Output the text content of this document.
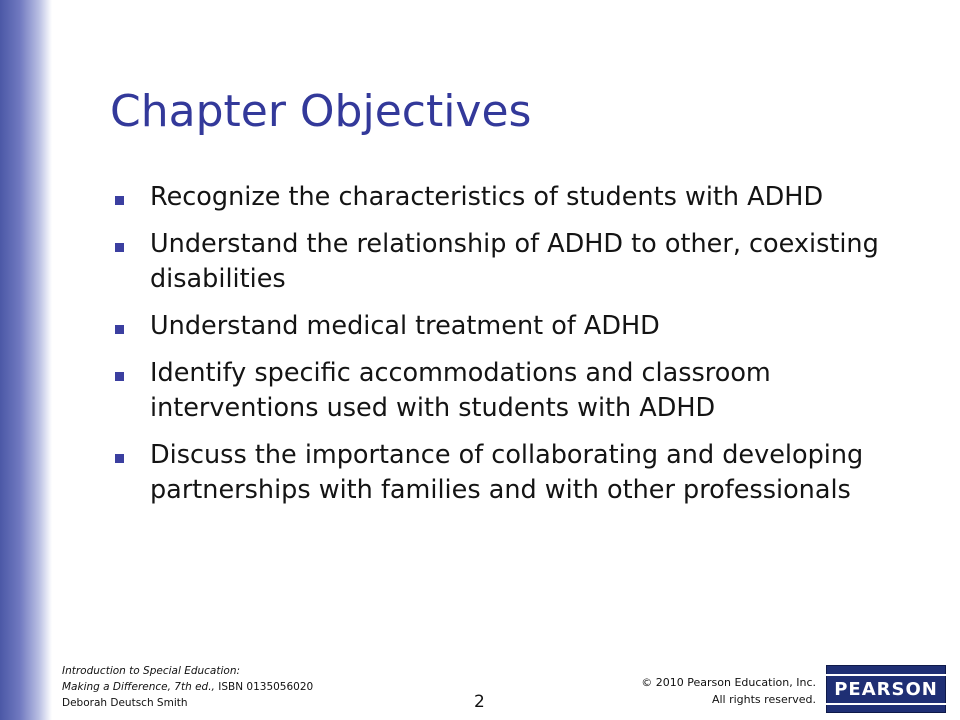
Chapter Objectives
Recognize the characteristics of students with ADHD
Understand the relationship of ADHD to other, coexisting disabilities
Understand medical treatment of ADHD
Identify specific accommodations and classroom interventions used with students with ADHD
Discuss the importance of collaborating and developing partnerships with families and with other professionals
Introduction to Special Education:
Making a Difference, 7th ed., ISBN 0135056020
Deborah Deutsch Smith	2
© 2010 Pearson Education, Inc.
All rights reserved.	PEARSON
